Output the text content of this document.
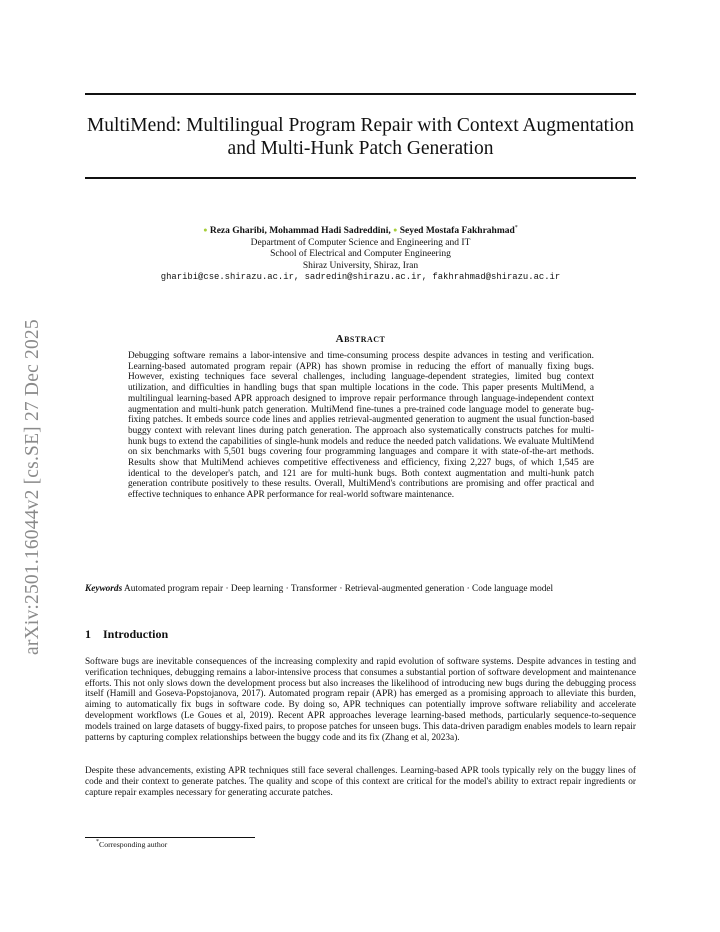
arXiv:2501.16044v2 [cs.SE] 27 Dec 2025
MultiMend: Multilingual Program Repair with Context Augmentation and Multi-Hunk Patch Generation
● Reza Gharibi, Mohammad Hadi Sadreddini, ● Seyed Mostafa Fakhrahmad*
Department of Computer Science and Engineering and IT
School of Electrical and Computer Engineering
Shiraz University, Shiraz, Iran
gharibi@cse.shirazu.ac.ir, sadredin@shirazu.ac.ir, fakhrahmad@shirazu.ac.ir
Abstract
Debugging software remains a labor-intensive and time-consuming process despite advances in testing and verification. Learning-based automated program repair (APR) has shown promise in reducing the effort of manually fixing bugs. However, existing techniques face several challenges, including language-dependent strategies, limited bug context utilization, and difficulties in handling bugs that span multiple locations in the code. This paper presents MultiMend, a multilingual learning-based APR approach designed to improve repair performance through language-independent context augmentation and multi-hunk patch generation. MultiMend fine-tunes a pre-trained code language model to generate bug-fixing patches. It embeds source code lines and applies retrieval-augmented generation to augment the usual function-based buggy context with relevant lines during patch generation. The approach also systematically constructs patches for multi-hunk bugs to extend the capabilities of single-hunk models and reduce the needed patch validations. We evaluate MultiMend on six benchmarks with 5,501 bugs covering four programming languages and compare it with state-of-the-art methods. Results show that MultiMend achieves competitive effectiveness and efficiency, fixing 2,227 bugs, of which 1,545 are identical to the developer's patch, and 121 are for multi-hunk bugs. Both context augmentation and multi-hunk patch generation contribute positively to these results. Overall, MultiMend's contributions are promising and offer practical and effective techniques to enhance APR performance for real-world software maintenance.
Keywords Automated program repair · Deep learning · Transformer · Retrieval-augmented generation · Code language model
1 Introduction

Software bugs are inevitable consequences of the increasing complexity and rapid evolution of software systems. Despite advances in testing and verification techniques, debugging remains a labor-intensive process that consumes a substantial portion of software development and maintenance efforts. This not only slows down the development process but also increases the likelihood of introducing new bugs during the debugging process itself (Hamill and Goseva-Popstojanova, 2017). Automated program repair (APR) has emerged as a promising approach to alleviate this burden, aiming to automatically fix bugs in software code. By doing so, APR techniques can potentially improve software reliability and accelerate development workflows (Le Goues et al, 2019). Recent APR approaches leverage learning-based methods, particularly sequence-to-sequence models trained on large datasets of buggy-fixed pairs, to propose patches for unseen bugs. This data-driven paradigm enables models to learn repair patterns by capturing complex relationships between the buggy code and its fix (Zhang et al, 2023a).

Despite these advancements, existing APR techniques still face several challenges. Learning-based APR tools typically rely on the buggy lines of code and their context to generate patches. The quality and scope of this context are critical for the model's ability to extract repair ingredients or capture repair examples necessary for generating accurate patches.

*Corresponding author
